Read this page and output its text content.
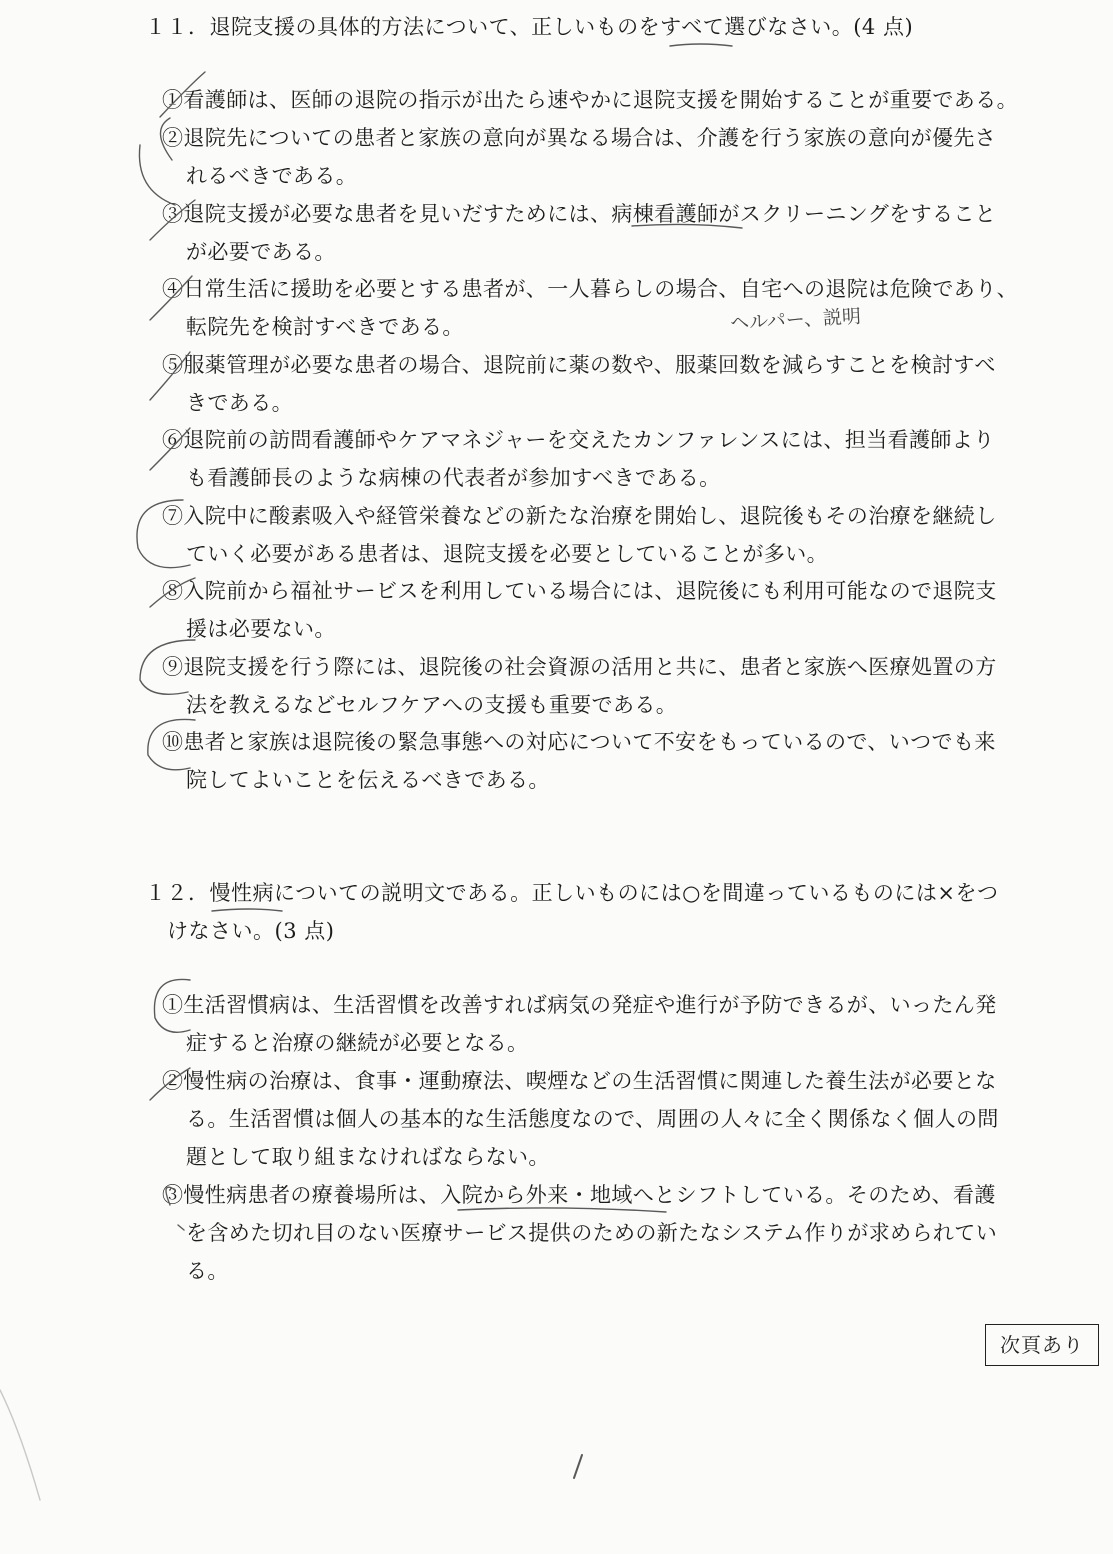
１１．退院支援の具体的方法について、正しいものをすべて選びなさい。(4 点)
①看護師は、医師の退院の指示が出たら速やかに退院支援を開始することが重要である。
②退院先についての患者と家族の意向が異なる場合は、介護を行う家族の意向が優先さ
れるべきである。
③退院支援が必要な患者を見いだすためには、病棟看護師がスクリーニングをすること
が必要である。
④日常生活に援助を必要とする患者が、一人暮らしの場合、自宅への退院は危険であり、
転院先を検討すべきである。	ヘルパー、説明
⑤服薬管理が必要な患者の場合、退院前に薬の数や、服薬回数を減らすことを検討すべ
きである。
⑥退院前の訪問看護師やケアマネジャーを交えたカンファレンスには、担当看護師より
も看護師長のような病棟の代表者が参加すべきである。
⑦入院中に酸素吸入や経管栄養などの新たな治療を開始し、退院後もその治療を継続し
ていく必要がある患者は、退院支援を必要としていることが多い。
⑧入院前から福祉サービスを利用している場合には、退院後にも利用可能なので退院支
援は必要ない。
⑨退院支援を行う際には、退院後の社会資源の活用と共に、患者と家族へ医療処置の方
法を教えるなどセルフケアへの支援も重要である。
⑩患者と家族は退院後の緊急事態への対応について不安をもっているので、いつでも来
院してよいことを伝えるべきである。
１２．慢性病についての説明文である。正しいものには○を間違っているものには×をつ
けなさい。(3 点)
①生活習慣病は、生活習慣を改善すれば病気の発症や進行が予防できるが、いったん発
症すると治療の継続が必要となる。
②慢性病の治療は、食事・運動療法、喫煙などの生活習慣に関連した養生法が必要とな
る。生活習慣は個人の基本的な生活態度なので、周囲の人々に全く関係なく個人の問
題として取り組まなければならない。
③慢性病患者の療養場所は、入院から外来・地域へとシフトしている。そのため、看護
を含めた切れ目のない医療サービス提供のための新たなシステム作りが求められてい
る。
次頁あり
